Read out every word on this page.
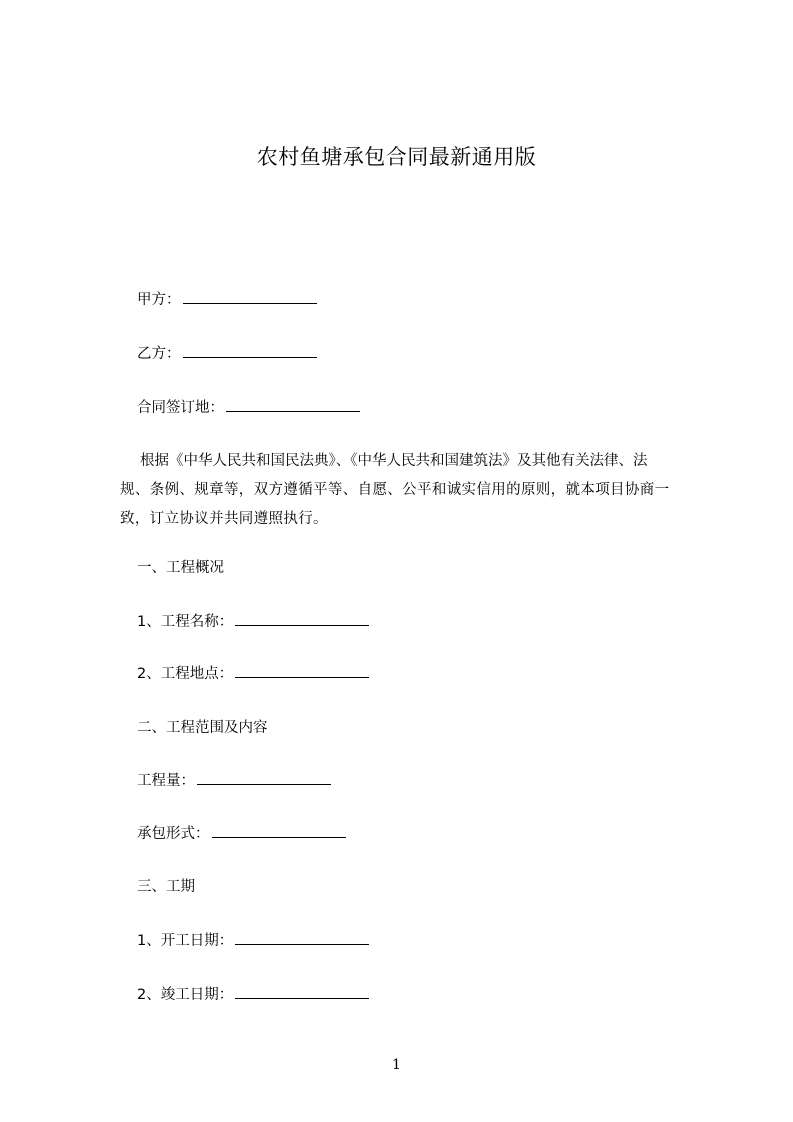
农村鱼塘承包合同最新通用版
甲方：
乙方：
合同签订地：
根据《中华人民共和国民法典》、《中华人民共和国建筑法》及其他有关法律、法
规、条例、规章等，双方遵循平等、自愿、公平和诚实信用的原则，就本项目协商一
致，订立协议并共同遵照执行。
一、工程概况
1、工程名称：
2、工程地点：
二、工程范围及内容
工程量：
承包形式：
三、工期
1、开工日期：
2、竣工日期：
1
